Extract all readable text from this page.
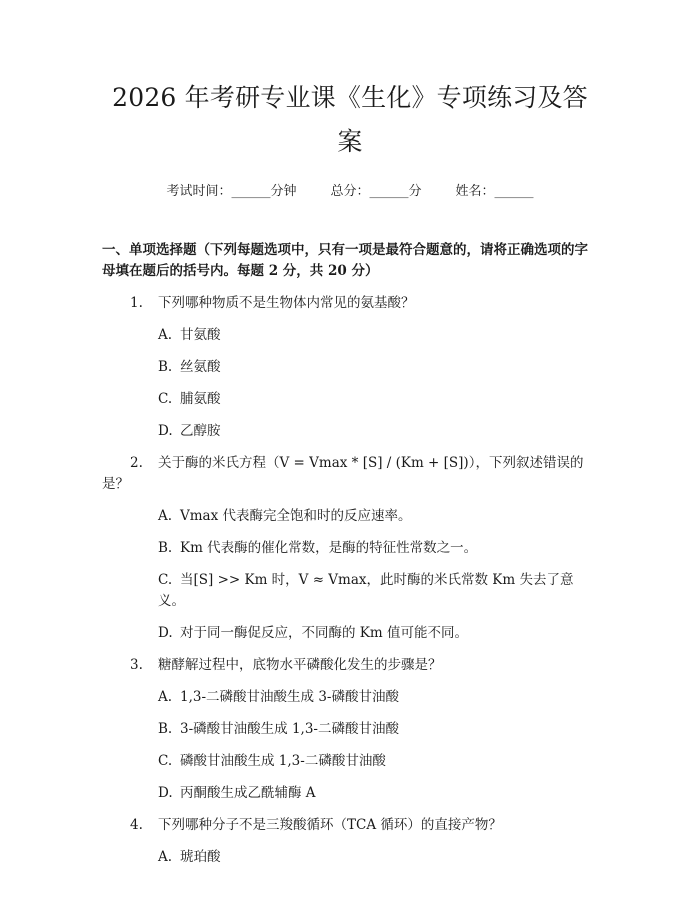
2026 年考研专业课《生化》专项练习及答案
考试时间：______分钟	总分：______分	姓名：______
一、单项选择题（下列每题选项中，只有一项是最符合题意的，请将正确选项的字母填在题后的括号内。每题 2 分，共 20 分）
1.	下列哪种物质不是生物体内常见的氨基酸？
A. 甘氨酸
B. 丝氨酸
C. 脯氨酸
D. 乙醇胺
2.	关于酶的米氏方程（V = Vmax * [S] / (Km + [S])），下列叙述错误的
是？
A. Vmax 代表酶完全饱和时的反应速率。
B. Km 代表酶的催化常数，是酶的特征性常数之一。
C. 当[S] >> Km 时，V ≈ Vmax，此时酶的米氏常数 Km 失去了意义。
D. 对于同一酶促反应，不同酶的 Km 值可能不同。
3.	糖酵解过程中，底物水平磷酸化发生的步骤是？
A. 1,3-二磷酸甘油酸生成 3-磷酸甘油酸
B. 3-磷酸甘油酸生成 1,3-二磷酸甘油酸
C. 磷酸甘油酸生成 1,3-二磷酸甘油酸
D. 丙酮酸生成乙酰辅酶 A
4.	下列哪种分子不是三羧酸循环（TCA 循环）的直接产物？
A. 琥珀酸
